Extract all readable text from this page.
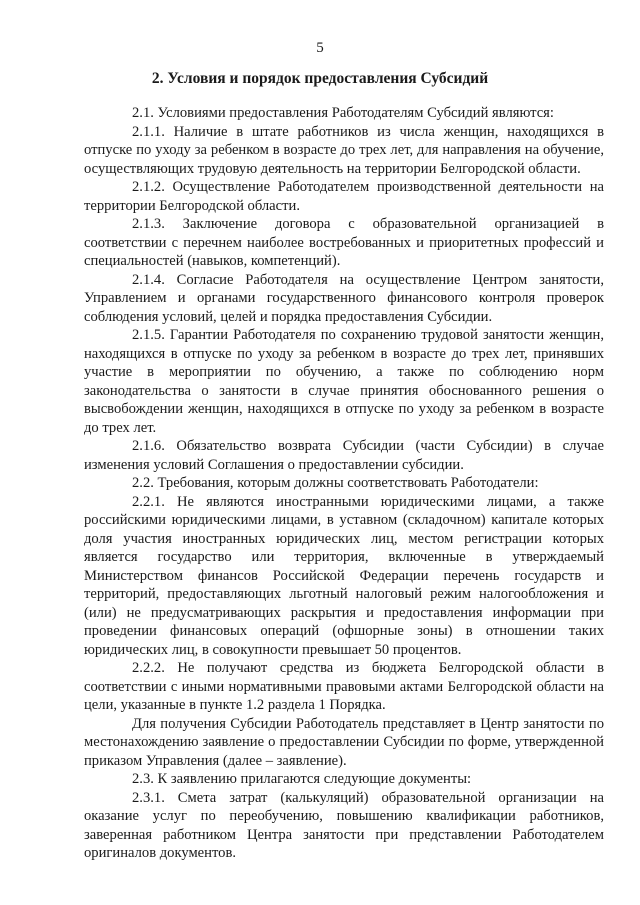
5
2. Условия и порядок предоставления Субсидий

2.1. Условиями предоставления Работодателям Субсидий являются:

2.1.1. Наличие в штате работников из числа женщин, находящихся в отпуске по уходу за ребенком в возрасте до трех лет, для направления на обучение, осуществляющих трудовую деятельность на территории Белгородской области.

2.1.2. Осуществление Работодателем производственной деятельности на территории Белгородской области.

2.1.3. Заключение договора с образовательной организацией в соответствии с перечнем наиболее востребованных и приоритетных профессий и специальностей (навыков, компетенций).

2.1.4. Согласие Работодателя на осуществление Центром занятости, Управлением и органами государственного финансового контроля проверок соблюдения условий, целей и порядка предоставления Субсидии.

2.1.5. Гарантии Работодателя по сохранению трудовой занятости женщин, находящихся в отпуске по уходу за ребенком в возрасте до трех лет, принявших участие в мероприятии по обучению, а также по соблюдению норм законодательства о занятости в случае принятия обоснованного решения о высвобождении женщин, находящихся в отпуске по уходу за ребенком в возрасте до трех лет.

2.1.6. Обязательство возврата Субсидии (части Субсидии) в случае изменения условий Соглашения о предоставлении субсидии.

2.2. Требования, которым должны соответствовать Работодатели:

2.2.1. Не являются иностранными юридическими лицами, а также российскими юридическими лицами, в уставном (складочном) капитале которых доля участия иностранных юридических лиц, местом регистрации которых является государство или территория, включенные в утверждаемый Министерством финансов Российской Федерации перечень государств и территорий, предоставляющих льготный налоговый режим налогообложения и (или) не предусматривающих раскрытия и предоставления информации при проведении финансовых операций (офшорные зоны) в отношении таких юридических лиц, в совокупности превышает 50 процентов.

2.2.2. Не получают средства из бюджета Белгородской области в соответствии с иными нормативными правовыми актами Белгородской области на цели, указанные в пункте 1.2 раздела 1 Порядка.

Для получения Субсидии Работодатель представляет в Центр занятости по местонахождению заявление о предоставлении Субсидии по форме, утвержденной приказом Управления (далее – заявление).

2.3. К заявлению прилагаются следующие документы:

2.3.1. Смета затрат (калькуляций) образовательной организации на оказание услуг по переобучению, повышению квалификации работников, заверенная работником Центра занятости при представлении Работодателем оригиналов документов.
